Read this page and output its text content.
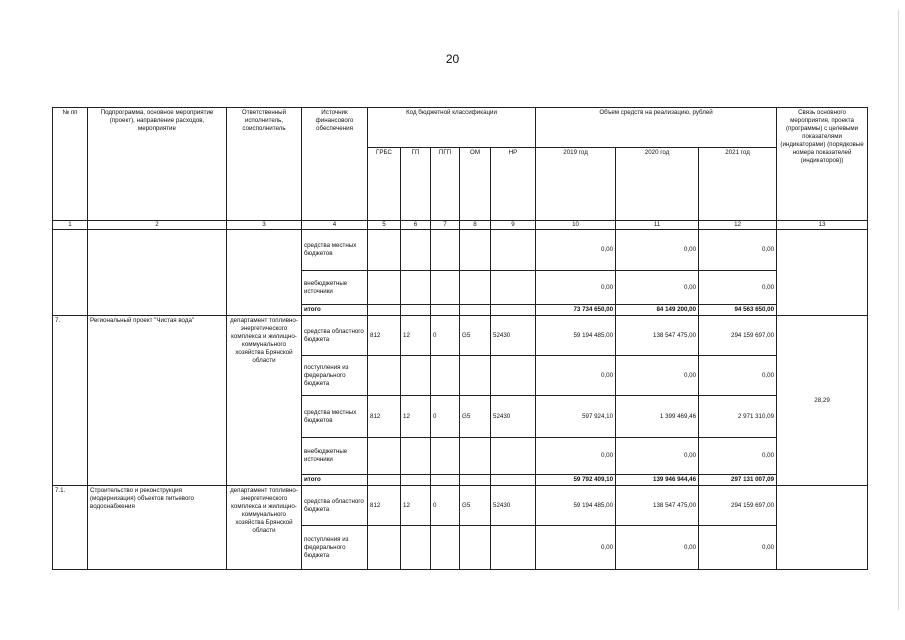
20
№ пп	Подпрограмма, основное мероприятие (проект), направление расходов, мероприятие	Ответственный исполнитель, соисполнитель	Источник финансового обеспечения	Код бюджетной классификации					Объем средств на реализацию, рублей			Связь основного мероприятия, проекта (программы) с целевыми показателями (индикаторами) (порядковые номера показателей (индикаторов))
				ГРБС	ГП	ПГП	ОМ	НР	2019 год	2020 год	2021 год	
1	2	3	4	5	6	7	8	9	10	11	12	13
			средства местных бюджетов						0,00	0,00	0,00	
			внебюджетные источники						0,00	0,00	0,00	
			итого						73 734 650,00	84 149 200,00	94 563 650,00	
7.	Региональный проект "Чистая вода"	департамент топливно-энергетического комплекса и жилищно-коммунального хозяйства Брянской области	средства областного бюджета	812	12	0	G5	52430	59 194 485,00	138 547 475,00	294 159 697,00	28,29
			поступления из федерального бюджета						0,00	0,00	0,00	
			средства местных бюджетов	812	12	0	G5	52430	597 924,10	1 399 469,46	2 971 310,09	
			внебюджетные источники						0,00	0,00	0,00	
			итого						59 792 409,10	139 946 944,46	297 131 007,09	
7.1.	Строительство и реконструкция (модернизация) объектов питьевого водоснабжения	департамент топливно-энергетического комплекса и жилищно-коммунального хозяйства Брянской области	средства областного бюджета	812	12	0	G5	52430	59 194 485,00	138 547 475,00	294 159 697,00	
			поступления из федерального бюджета						0,00	0,00	0,00	
